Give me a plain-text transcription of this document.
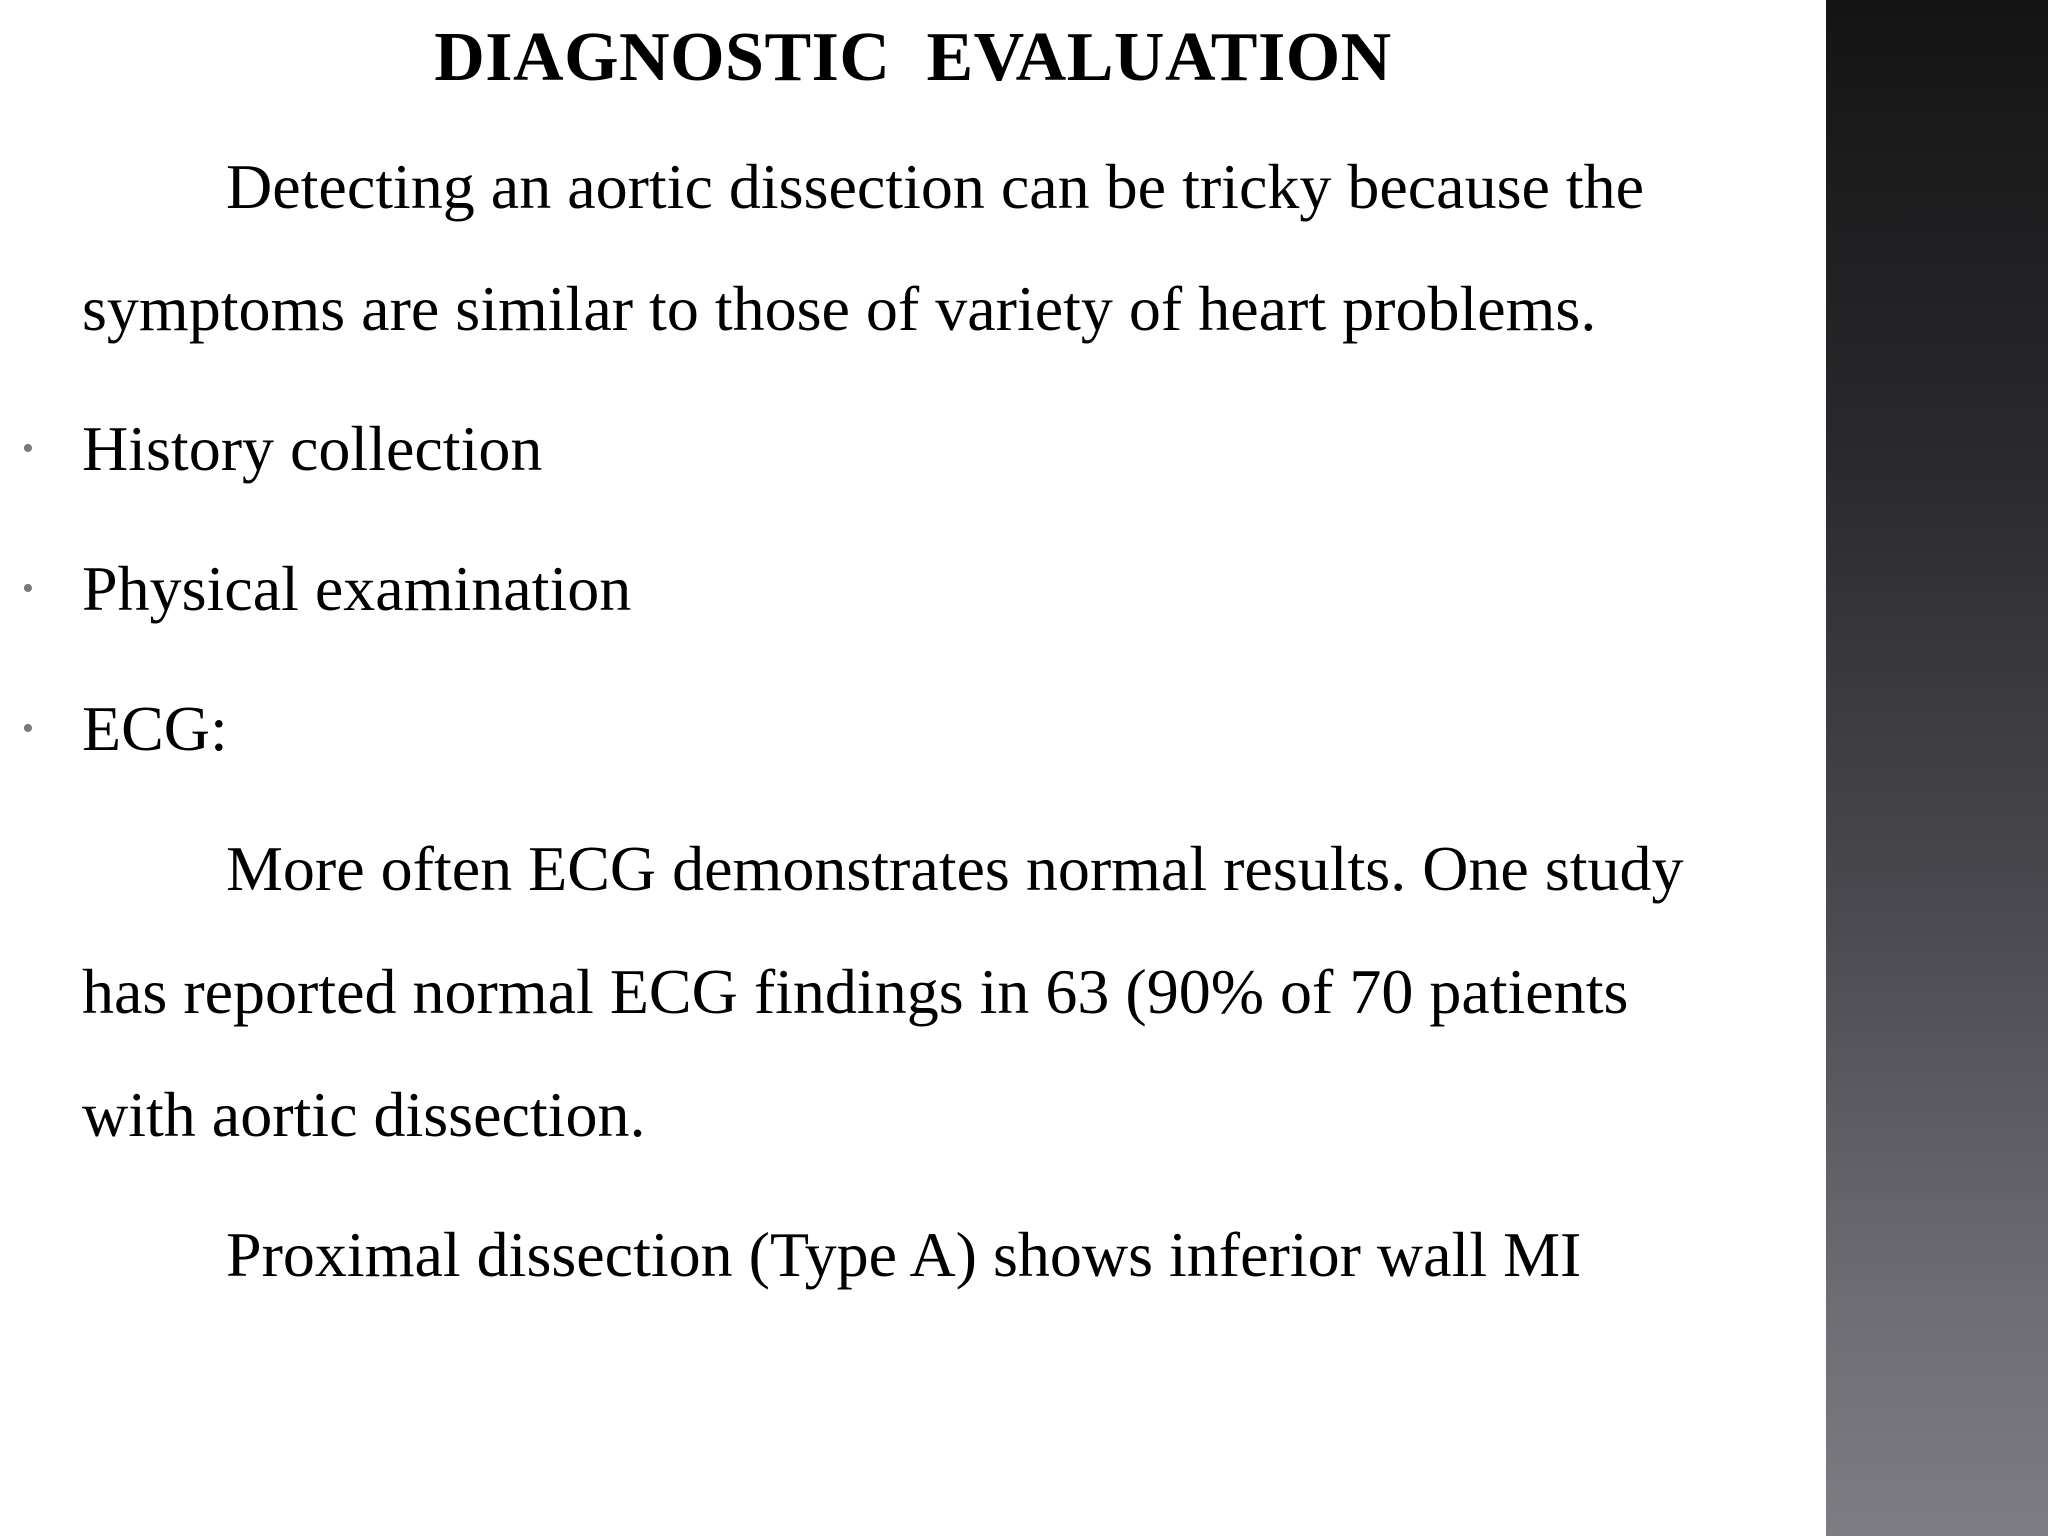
DIAGNOSTIC EVALUATION
Detecting an aortic dissection can be tricky because the
symptoms are similar to those of variety of heart problems.
• History collection
• Physical examination
• ECG:
More often ECG demonstrates normal results. One study
has reported normal ECG findings in 63 (90% of 70 patients
with aortic dissection.
Proximal dissection (Type A) shows inferior wall MI
